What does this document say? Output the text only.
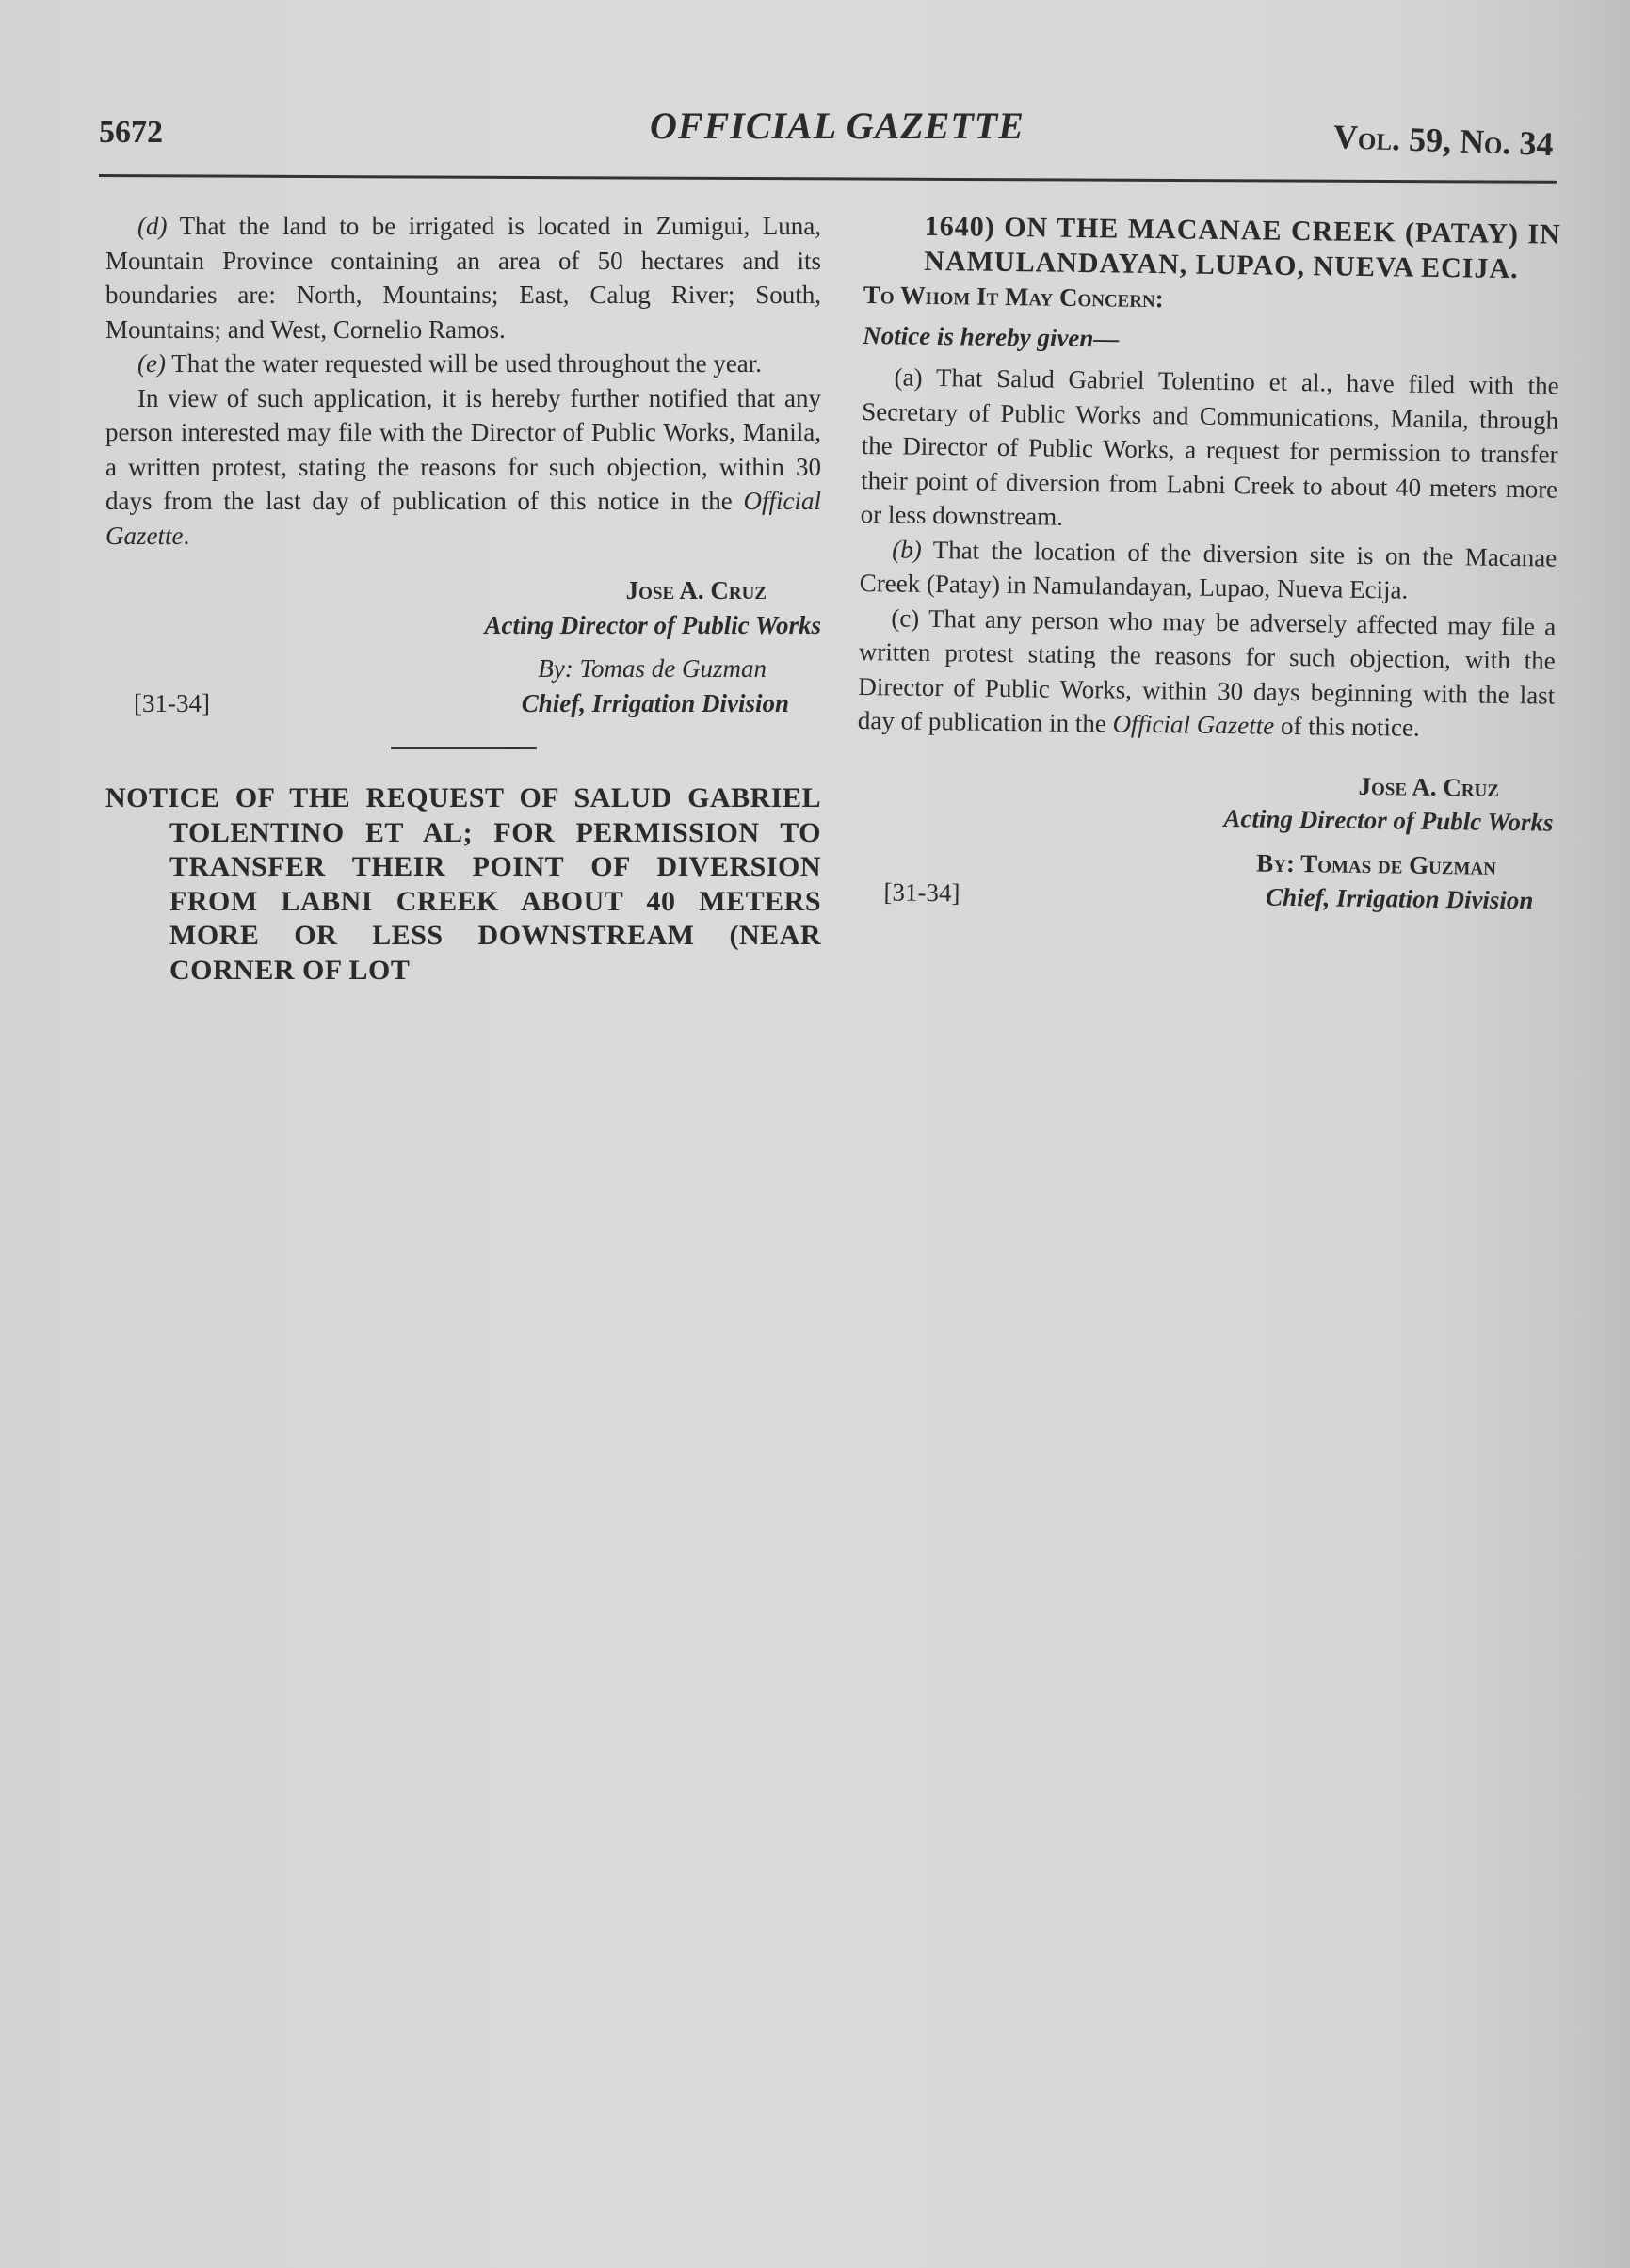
5672	OFFICIAL GAZETTE	Vol. 59, No. 34

(d) That the land to be irrigated is located in Zumigui, Luna, Mountain Province containing an area of 50 hectares and its boundaries are: North, Mountains; East, Calug River; South, Mountains; and West, Cornelio Ramos.

(e) That the water requested will be used throughout the year.

In view of such application, it is hereby further notified that any person interested may file with the Director of Public Works, Manila, a written protest, stating the reasons for such objection, within 30 days from the last day of publication of this notice in the Official Gazette.

Jose A. Cruz

Acting Director of Public Works

By: Tomas de Guzman

[31-34]	Chief, Irrigation Division

NOTICE OF THE REQUEST OF SALUD GABRIEL TOLENTINO ET AL; FOR PERMISSION TO TRANSFER THEIR POINT OF DIVERSION FROM LABNI CREEK ABOUT 40 METERS MORE OR LESS DOWNSTREAM (NEAR CORNER OF LOT

1640) ON THE MACANAE CREEK (PATAY) IN NAMULANDAYAN, LUPAO, NUEVA ECIJA.

To Whom It May Concern:

Notice is hereby given—

(a) That Salud Gabriel Tolentino et al., have filed with the Secretary of Public Works and Communications, Manila, through the Director of Public Works, a request for permission to transfer their point of diversion from Labni Creek to about 40 meters more or less downstream.

(b) That the location of the diversion site is on the Macanae Creek (Patay) in Namulandayan, Lupao, Nueva Ecija.

(c) That any person who may be adversely affected may file a written protest stating the reasons for such objection, with the Director of Public Works, within 30 days beginning with the last day of publication in the Official Gazette of this notice.

Jose A. Cruz

Acting Director of Publc Works

By: Tomas de Guzman

[31-34]	Chief, Irrigation Division
